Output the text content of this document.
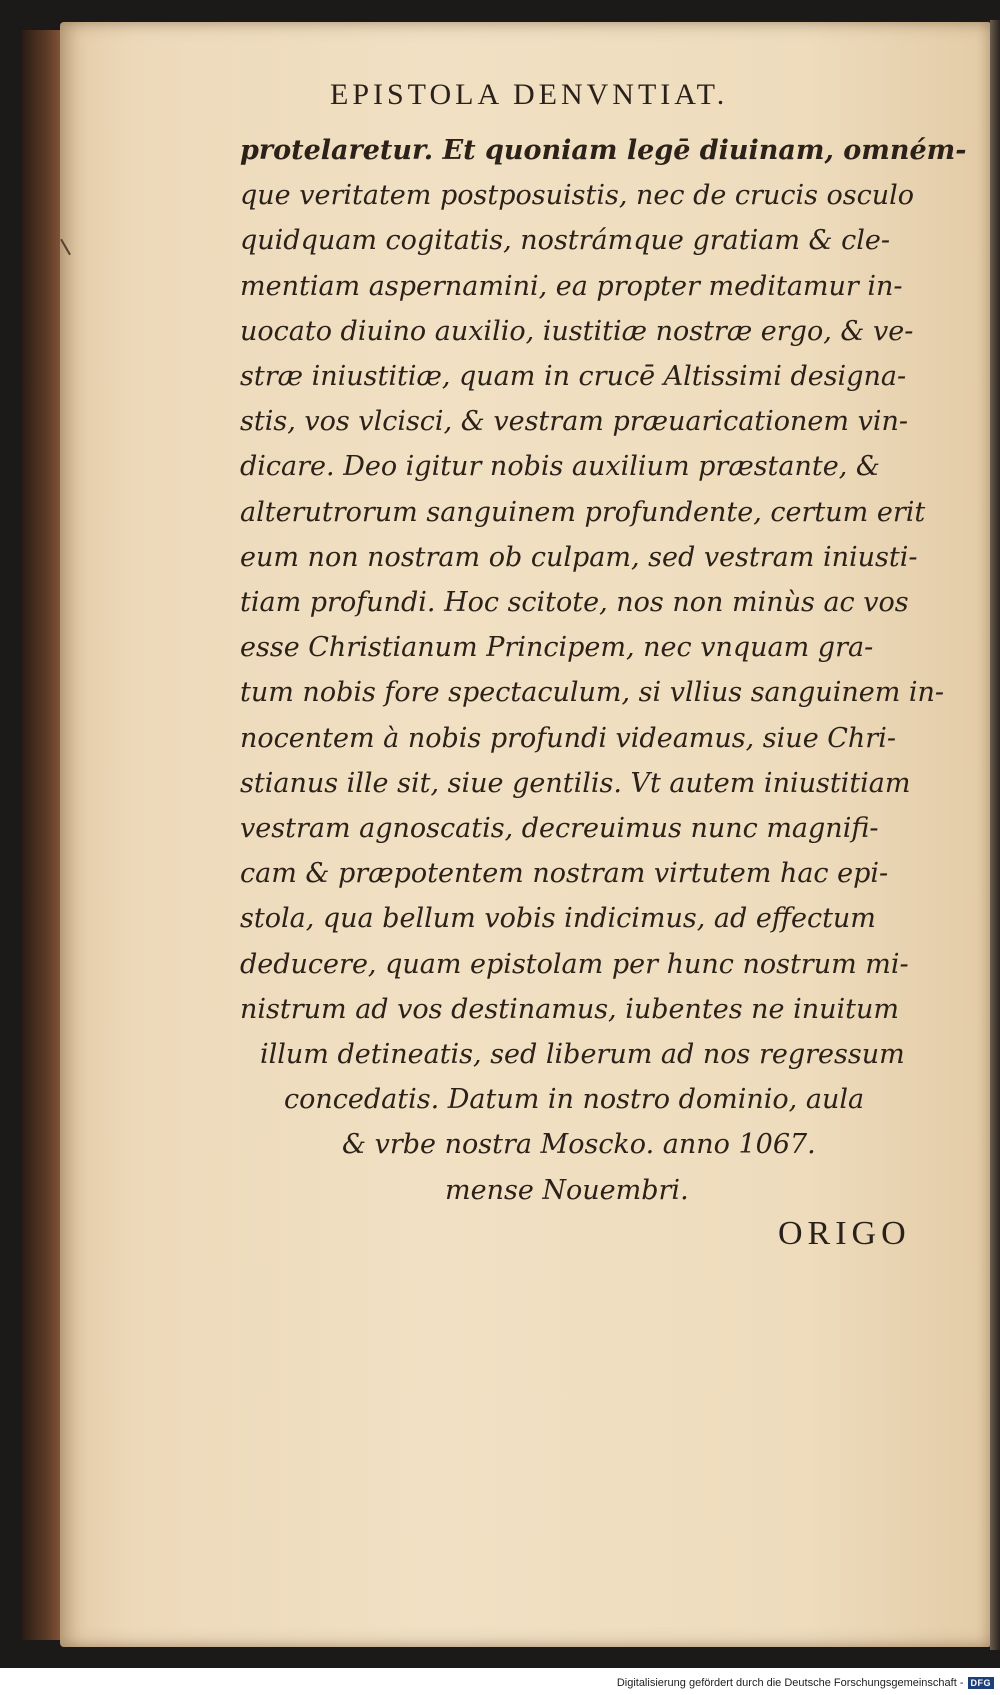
EPISTOLA DENVNTIAT.
protelaretur. Et quoniam legē diuinam, omném-
que veritatem postposuistis, nec de crucis osculo
quidquam cogitatis, nostrámque gratiam & cle-
mentiam aspernamini, ea propter meditamur in-
uocato diuino auxilio, iustitiæ nostræ ergo, & ve-
stræ iniustitiæ, quam in crucē Altissimi designa-
stis, vos vlcisci, & vestram præuaricationem vin-
dicare. Deo igitur nobis auxilium præstante, &
alterutrorum sanguinem profundente, certum erit
eum non nostram ob culpam, sed vestram iniusti-
tiam profundi. Hoc scitote, nos non minùs ac vos
esse Christianum Principem, nec vnquam gra-
tum nobis fore spectaculum, si vllius sanguinem in-
nocentem à nobis profundi videamus, siue Chri-
stianus ille sit, siue gentilis. Vt autem iniustitiam
vestram agnoscatis, decreuimus nunc magnifi-
cam & præpotentem nostram virtutem hac epi-
stola, qua bellum vobis indicimus, ad effectum
deducere, quam epistolam per hunc nostrum mi-
nistrum ad vos destinamus, iubentes ne inuitum
illum detineatis, sed liberum ad nos regressum
concedatis. Datum in nostro dominio, aula
& vrbe nostra Moscko. anno 1067.
mense Nouembri.
ORIGO
Digitalisierung gefördert durch die Deutsche Forschungsgemeinschaft - DFG
